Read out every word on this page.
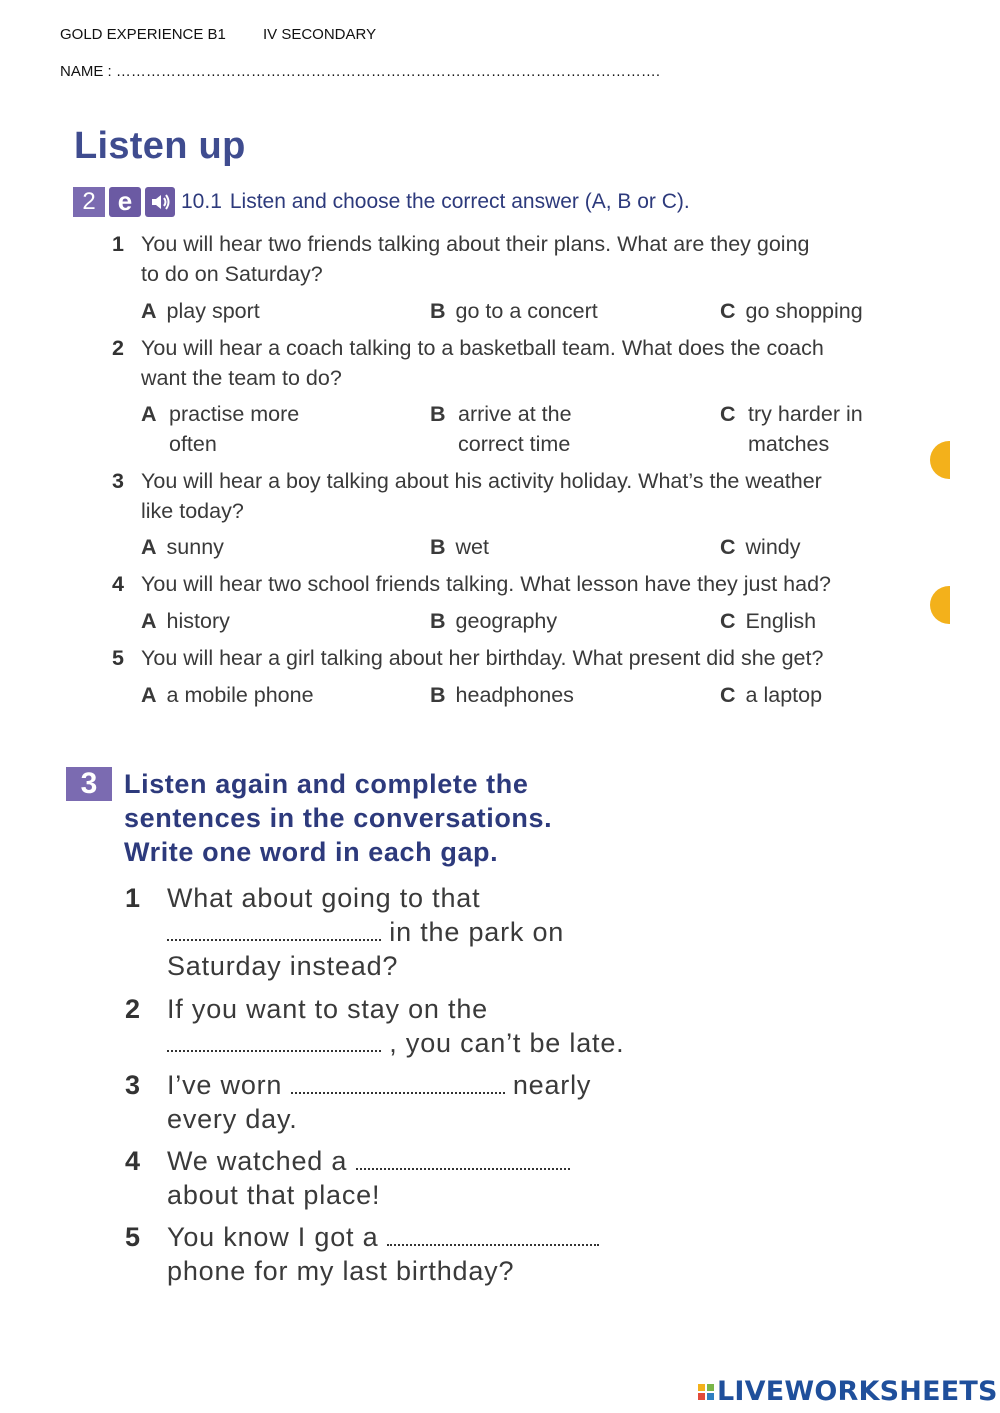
GOLD EXPERIENCE B1 IV SECONDARY
NAME : ……………………………………………………………………………………………….
Listen up
2 e	10.1 Listen and choose the correct answer (A, B or C).
1 You will hear two friends talking about their plans. What are they going
to do on Saturday?
A play sport	B go to a concert	C go shopping
2 You will hear a coach talking to a basketball team. What does the coach
want the team to do?
A practise more
often
B arrive at the
correct time
C try harder in
matches
3 You will hear a boy talking about his activity holiday. What’s the weather
like today?
A sunny	B wet	C windy
4 You will hear two school friends talking. What lesson have they just had?
A history	B geography	C English
5 You will hear a girl talking about her birthday. What present did she get?
A a mobile phone	B headphones	C a laptop
3 Listen again and complete the
sentences in the conversations.
Write one word in each gap.
1 What about going to that
in the park on
Saturday instead?
2 If you want to stay on the
, you can’t be late.
3 I’ve worn	nearly
every day.
4 We watched a
about that place!
5 You know I got a
phone for my last birthday?
LIVEWORKSHEETS
